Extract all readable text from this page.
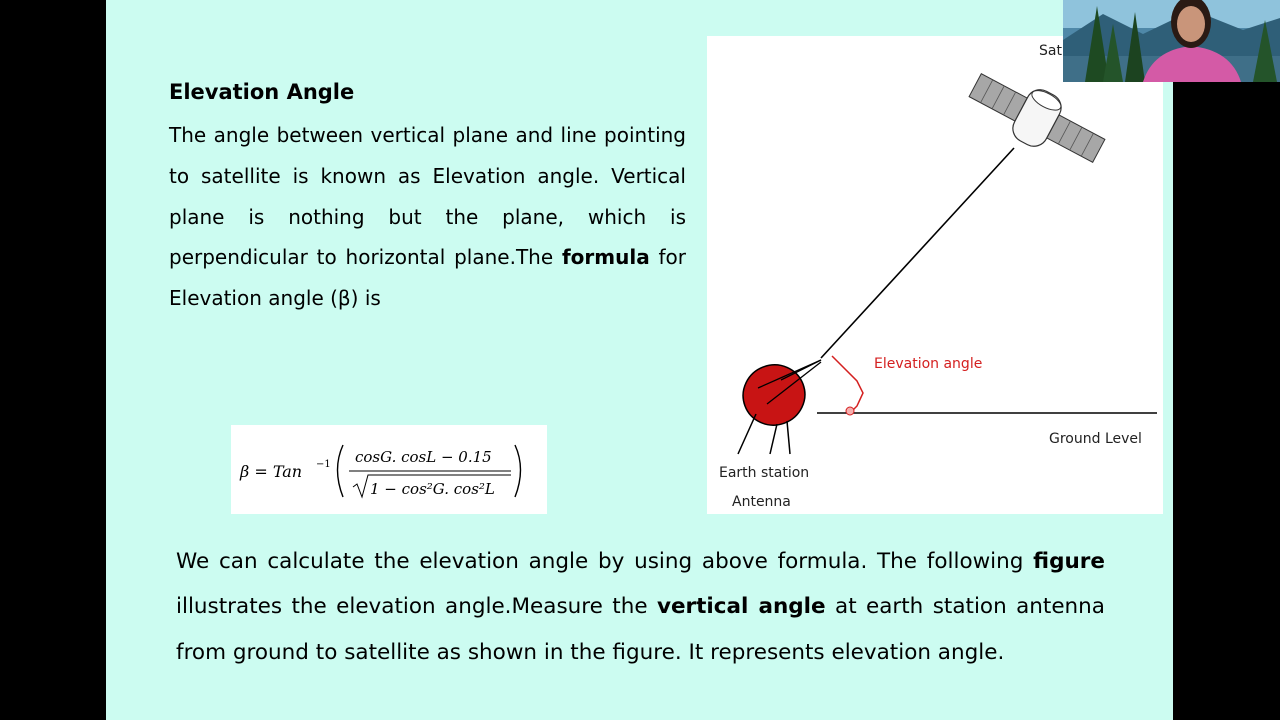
Elevation Angle

The angle between vertical plane and line pointing to satellite is known as Elevation angle. Vertical plane is nothing but the plane, which is perpendicular to horizontal plane.The formula for Elevation angle (β) is

β = Tan −1 cosG. cosL − 0.15
1 − cos²G. cos²L
Sat
Elevation angle
Ground Level
Earth station
Antenna

We can calculate the elevation angle by using above formula. The following figure illustrates the elevation angle.Measure the vertical angle at earth station antenna from ground to satellite as shown in the figure. It represents elevation angle.
